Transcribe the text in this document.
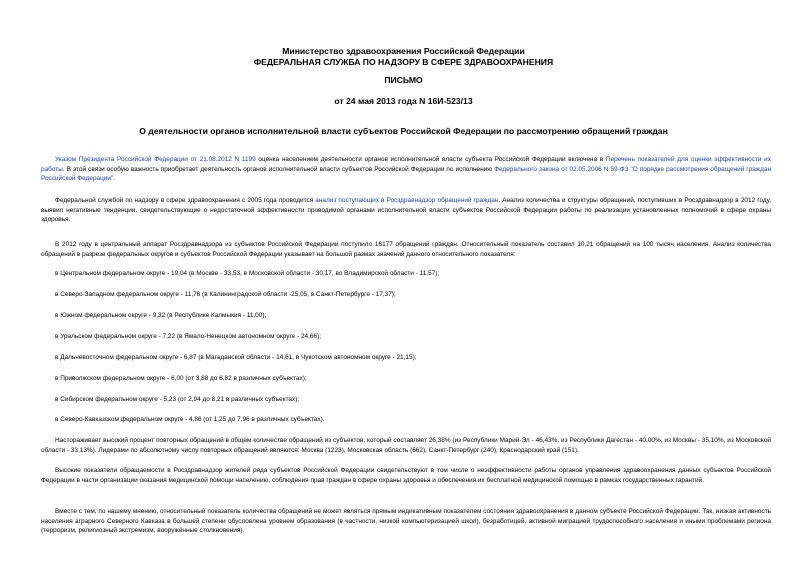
Министерство здравоохранения Российской Федерации
ФЕДЕРАЛЬНАЯ СЛУЖБА ПО НАДЗОРУ В СФЕРЕ ЗДРАВООХРАНЕНИЯ
ПИСЬМО
от 24 мая 2013 года N 16И-523/13
О деятельности органов исполнительной власти субъектов Российской Федерации по рассмотрению обращений граждан
Указом Президента Российской Федерации от 21.08.2012 N 1199 оценка населением деятельности органов исполнительной власти субъекта Российской Федерации включена в Перечень показателей для оценки эффективности их работы. В этой связи особую важность приобретает деятельность органов исполнительной власти субъектов Российской Федерации по исполнению Федерального закона от 02.05.2006 N 59-ФЗ "О порядке рассмотрения обращений граждан Российской Федерации".
Федеральной службой по надзору в сфере здравоохранения с 2005 года проводится анализ поступающих в Росздравнадзор обращений граждан. Анализ количества и структуры обращений, поступивших в Росздравнадзор в 2012 году, выявил негативные тенденции, свидетельствующие о недостаточной эффективности проводимой органами исполнительной власти субъектов Российской Федерации работы по реализации установленных полномочий в сфере охраны здоровья.
В 2012 году в центральный аппарат Росздравнадзора из субъектов Российской Федерации поступило 16177 обращений граждан. Относительный показатель составил 10,21 обращений на 100 тысяч населения. Анализ количества обращений в разрезе федеральных округов и субъектов Российской Федерации указывает на большой размах значений данного относительного показателя:
в Центральном федеральном округе - 19,04 (в Москве - 33,53, в Московской области - 30,17, во Владимирской области - 11,57);
в Северо-Западном федеральном округе - 11,76 (в Калининградской области -25,05, в Санкт-Петербурге - 17,37);
в Южном федеральном округе - 9,32 (в Республике Калмыкия - 11,00);
в Уральском федеральном округе - 7,22 (в Ямало-Ненецком автономном округе - 24,66);
в Дальневосточном федеральном округе - 6,87 (в Магаданской области - 14,61, в Чукотском автономном округе - 21,15);
в Приволжском федеральном округе - 6,00 (от 3,88 до 6,82 в различных субъектах);
в Сибирском федеральном округе - 5,23 (от 2,94 до 8,21 в различных субъектах);
в Северо-Кавказском федеральном округе - 4,86 (от 1,25 до 7,96 в различных субъектах).
Настораживает высокий процент повторных обращений в общем количестве обращений из субъектов, который составляет 26,38% (из Республики Марий-Эл - 46,43%, из Республики Дагестан - 40,00%, из Москвы - 35,10%, из Московской области - 33,13%). Лидерами по абсолютному числу повторных обращений являются: Москва (1223), Московская область (662), Санкт-Петербург (240), Краснодарский край (151).
Высокие показатели обращаемости в Росздравнадзор жителей ряда субъектов Российской Федерации свидетельствуют в том числе о неэффективности работы органов управления здравоохранения данных субъектов Российской Федерации в части организации оказания медицинской помощи населению, соблюдения прав граждан в сфере охраны здоровья и обеспечения их бесплатной медицинской помощью в рамках государственных гарантий.
Вместе с тем, по нашему мнению, относительный показатель количества обращений не может являться прямым индикативным показателем состояния здравоохранения в данном субъекте Российской Федерации. Так, низкая активность населения аграрного Северного Кавказа в большей степени обусловлена уровнем образования (в частности, низкой компьютеризацией школ), безработицей, активной миграцией трудоспособного населения и иными проблемами региона (терроризм, религиозный экстремизм, вооружённые столкновения).
